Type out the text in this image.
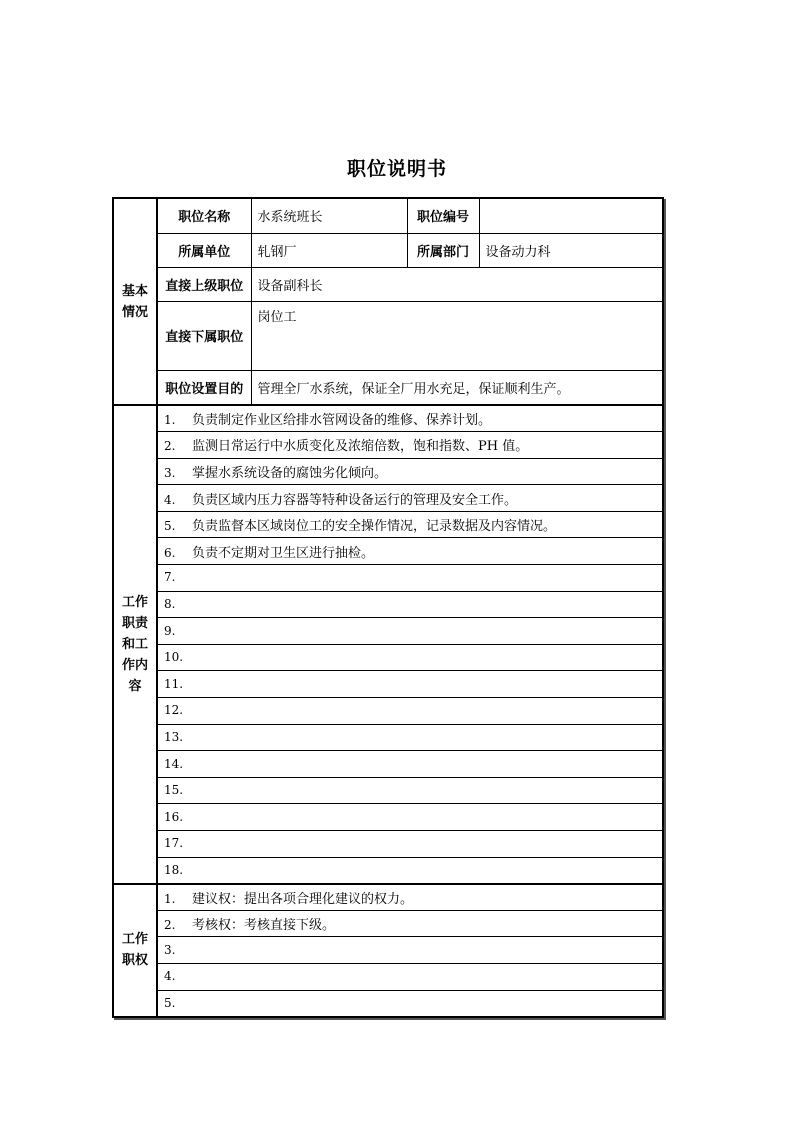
职位说明书
基本情况	职位名称	水系统班长	职位编号	
	所属单位	轧钢厂	所属部门	设备动力科
	直接上级职位	设备副科长		
	直接下属职位	岗位工		
	职位设置目的	管理全厂水系统，保证全厂用水充足，保证顺利生产。		
工作职责和工作内容	1. 负责制定作业区给排水管网设备的维修、保养计划。			
	2. 监测日常运行中水质变化及浓缩倍数，饱和指数、PH 值。			
	3. 掌握水系统设备的腐蚀劣化倾向。			
	4. 负责区域内压力容器等特种设备运行的管理及安全工作。			
	5. 负责监督本区域岗位工的安全操作情况，记录数据及内容情况。			
	6. 负责不定期对卫生区进行抽检。			
	7.			
	8.			
	9.			
	10.			
	11.			
	12.			
	13.			
	14.			
	15.			
	16.			
	17.			
	18.			
工作职权	1. 建议权：提出各项合理化建议的权力。			
	2. 考核权：考核直接下级。			
	3.			
	4.			
	5.			
